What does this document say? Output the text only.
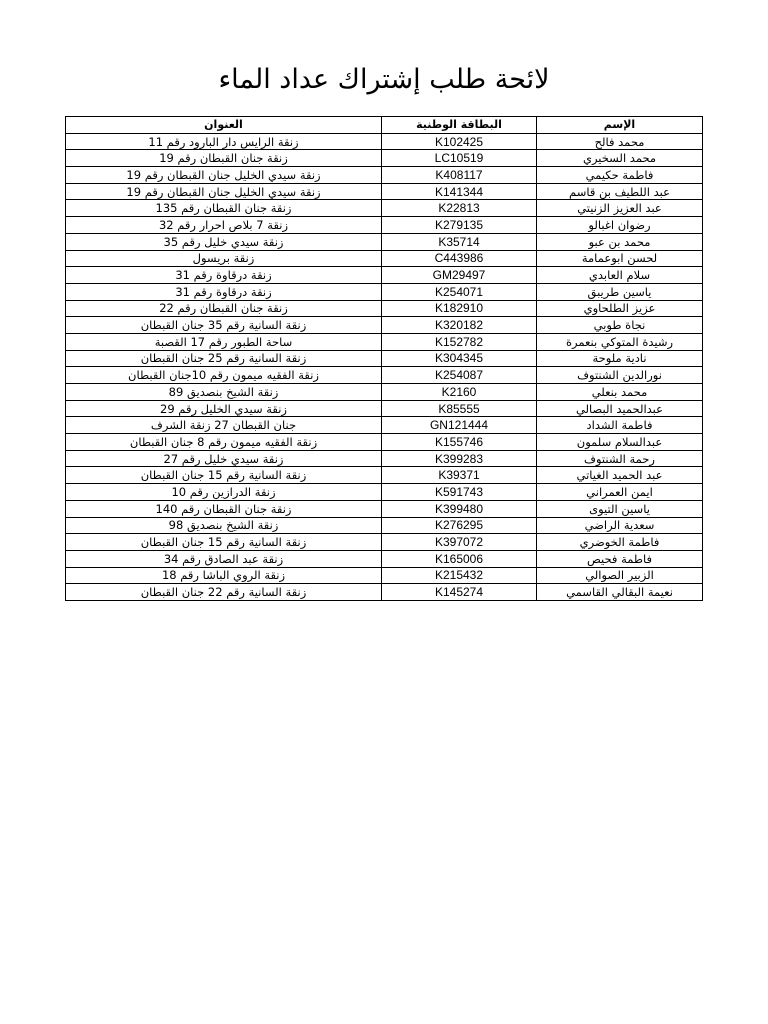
لائحة طلب إشتراك عداد الماء
الإسم	البطاقة الوطنية	العنوان
محمد فالح	K102425	زنقة الرايس دار البارود رقم 11
محمد السخيري	LC10519	زنقة جنان القبطان رقم 19
فاطمة حكيمي	K408117	زنقة سيدي الخليل جنان القبطان رقم 19
عبد اللطيف بن قاسم	K141344	زنقة سيدي الخليل جنان القبطان رقم 19
عبد العزيز الزنيتي	K22813	زنقة جنان القبطان رقم 135
رضوان اغبالو	K279135	زنقة 7 بلاص احرار رقم 32
محمد بن عبو	K35714	زنقة سيدي خليل رقم 35
لحسن ابوعمامة	C443986	زنقة بريسول
سلام العابدي	GM29497	زنقة درقاوة رقم 31
ياسين طريبق	K254071	زنقة درقاوة رقم 31
عزيز الطلحاوي	K182910	زنقة جنان القبطان رقم 22
نجاة طوبي	K320182	زنقة السانية رقم 35 جنان القبطان
رشيدة المتوكي بنعمرة	K152782	ساحة الطبور رقم 17 القصبة
نادية ملوحة	K304345	زنقة السانية رقم 25 جنان القبطان
نورالدين الشنتوف	K254087	زنقة الفقيه ميمون رقم 10جنان القبطان
محمد بنعلي	K2160	زنقة الشيخ بنصديق 89
عبدالحميد البصالي	K85555	زنقة سيدي الخليل رقم 29
فاطمة الشداد	GN121444	جنان القبطان 27 زنقة الشرف
عبدالسلام سلمون	K155746	زنقة الفقيه ميمون رقم 8 جنان القبطان
رحمة الشنتوف	K399283	زنقة سيدي خليل رقم 27
عبد الحميد الغياتي	K39371	زنقة السانية رقم 15 جنان القبطان
ايمن العمراني	K591743	زنقة الدرازين رقم 10
ياسين التيوى	K399480	زنقة جنان القبطان رقم 140
سعدية الراضي	K276295	زنقة الشيخ بنصديق 98
فاطمة الخوضري	K397072	زنقة السانية رقم 15 جنان القبطان
فاطمة فحيص	K165006	زنقة عبد الصادق رقم 34
الزبير الصوالي	K215432	زنقة الروي الباشا رقم 18
نعيمة البقالي القاسمي	K145274	زنقة السانية رقم 22 جنان القبطان
